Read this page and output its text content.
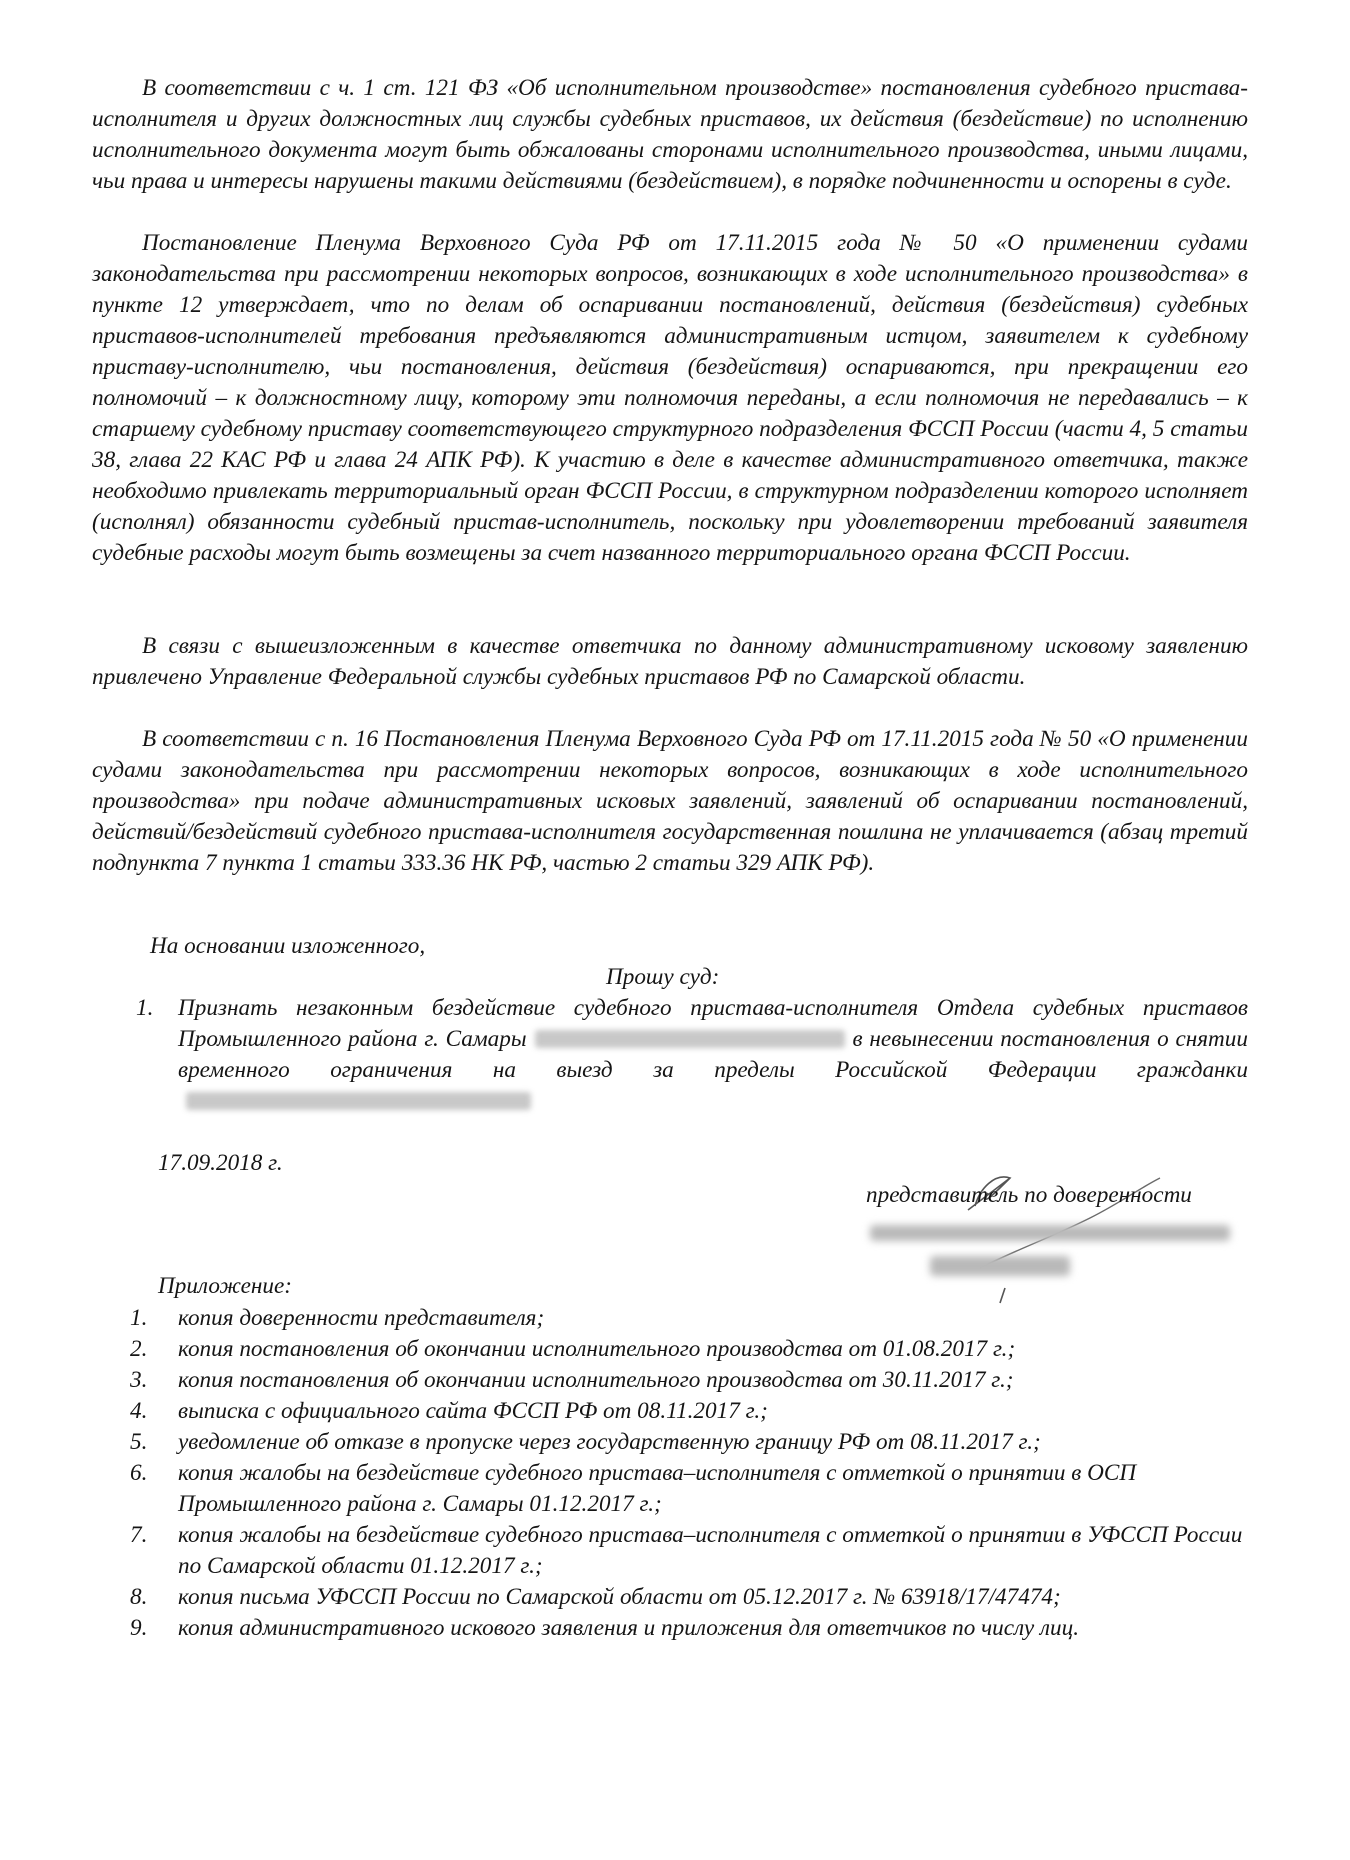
В соответствии с ч. 1 ст. 121 ФЗ «Об исполнительном производстве» постановления судебного пристава-исполнителя и других должностных лиц службы судебных приставов, их действия (бездействие) по исполнению исполнительного документа могут быть обжалованы сторонами исполнительного производства, иными лицами, чьи права и интересы нарушены такими действиями (бездействием), в порядке подчиненности и оспорены в суде.

Постановление Пленума Верховного Суда РФ от 17.11.2015 года № 50 «О применении судами законодательства при рассмотрении некоторых вопросов, возникающих в ходе исполнительного производства» в пункте 12 утверждает, что по делам об оспаривании постановлений, действия (бездействия) судебных приставов-исполнителей требования предъявляются административным истцом, заявителем к судебному приставу-исполнителю, чьи постановления, действия (бездействия) оспариваются, при прекращении его полномочий – к должностному лицу, которому эти полномочия переданы, а если полномочия не передавались – к старшему судебному приставу соответствующего структурного подразделения ФССП России (части 4, 5 статьи 38, глава 22 КАС РФ и глава 24 АПК РФ). К участию в деле в качестве административного ответчика, также необходимо привлекать территориальный орган ФССП России, в структурном подразделении которого исполняет (исполнял) обязанности судебный пристав-исполнитель, поскольку при удовлетворении требований заявителя судебные расходы могут быть возмещены за счет названного территориального органа ФССП России.

В связи с вышеизложенным в качестве ответчика по данному административному исковому заявлению привлечено Управление Федеральной службы судебных приставов РФ по Самарской области.

В соответствии с п. 16 Постановления Пленума Верховного Суда РФ от 17.11.2015 года № 50 «О применении судами законодательства при рассмотрении некоторых вопросов, возникающих в ходе исполнительного производства» при подаче административных исковых заявлений, заявлений об оспаривании постановлений, действий/бездействий судебного пристава-исполнителя государственная пошлина не уплачивается (абзац третий подпункта 7 пункта 1 статьи 333.36 НК РФ, частью 2 статьи 329 АПК РФ).

На основании изложенного,

Прошу суд:

1. Признать незаконным бездействие судебного пристава-исполнителя Отдела судебных приставов Промышленного района г. Самары	в невынесении постановления о снятии временного ограничения на выезд за пределы Российской Федерации гражданки

17.09.2018 г.

представитель по доверенности

Приложение:

1. копия доверенности представителя;
2. копия постановления об окончании исполнительного производства от 01.08.2017 г.;
3. копия постановления об окончании исполнительного производства от 30.11.2017 г.;
4. выписка с официального сайта ФССП РФ от 08.11.2017 г.;
5. уведомление об отказе в пропуске через государственную границу РФ от 08.11.2017 г.;
6. копия жалобы на бездействие судебного пристава–исполнителя с отметкой о принятии в ОСП Промышленного района г. Самары 01.12.2017 г.;
7. копия жалобы на бездействие судебного пристава–исполнителя с отметкой о принятии в УФССП России по Самарской области 01.12.2017 г.;
8. копия письма УФССП России по Самарской области от 05.12.2017 г. № 63918/17/47474;
9. копия административного искового заявления и приложения для ответчиков по числу лиц.
